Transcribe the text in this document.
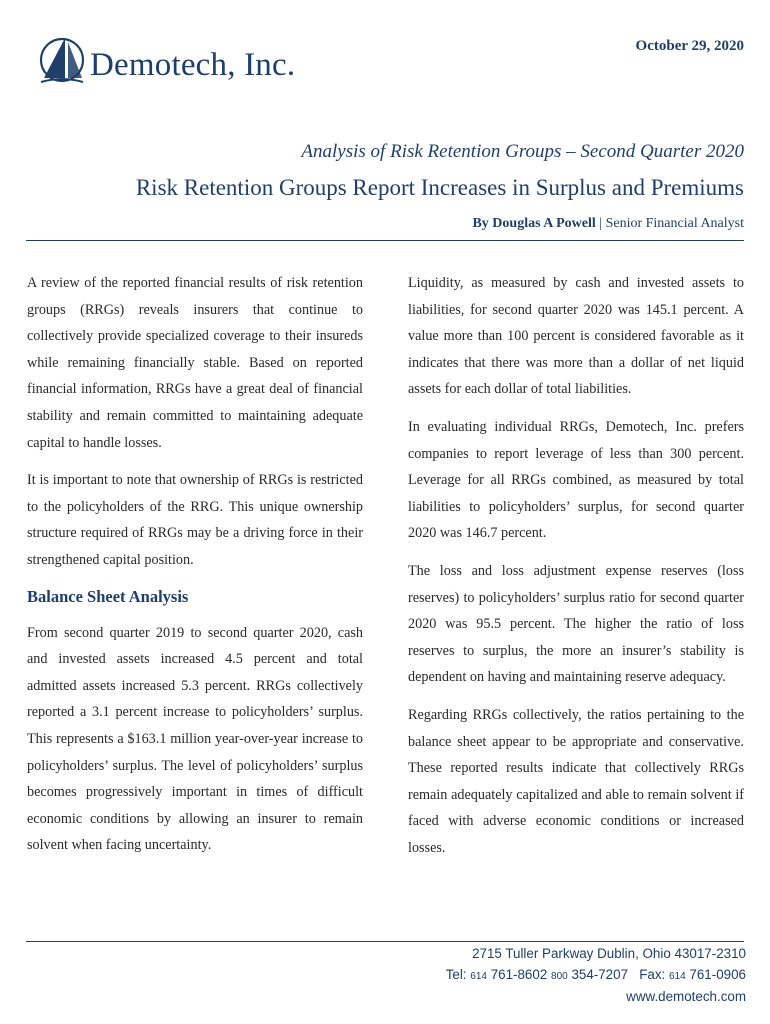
Demotech, Inc.
October 29, 2020
Analysis of Risk Retention Groups – Second Quarter 2020
Risk Retention Groups Report Increases in Surplus and Premiums
By Douglas A Powell | Senior Financial Analyst

A review of the reported financial results of risk retention groups (RRGs) reveals insurers that continue to collectively provide specialized coverage to their insureds while remaining financially stable. Based on reported financial information, RRGs have a great deal of financial stability and remain committed to maintaining adequate capital to handle losses.

It is important to note that ownership of RRGs is restricted to the policyholders of the RRG. This unique ownership structure required of RRGs may be a driving force in their strengthened capital position.

Balance Sheet Analysis

From second quarter 2019 to second quarter 2020, cash and invested assets increased 4.5 percent and total admitted assets increased 5.3 percent. RRGs collectively reported a 3.1 percent increase to policyholders’ surplus. This represents a $163.1 million year-over-year increase to policyholders’ surplus. The level of policyholders’ surplus becomes progressively important in times of difficult economic conditions by allowing an insurer to remain solvent when facing uncertainty.

Liquidity, as measured by cash and invested assets to liabilities, for second quarter 2020 was 145.1 percent. A value more than 100 percent is considered favorable as it indicates that there was more than a dollar of net liquid assets for each dollar of total liabilities.

In evaluating individual RRGs, Demotech, Inc. prefers companies to report leverage of less than 300 percent. Leverage for all RRGs combined, as measured by total liabilities to policyholders’ surplus, for second quarter 2020 was 146.7 percent.

The loss and loss adjustment expense reserves (loss reserves) to policyholders’ surplus ratio for second quarter 2020 was 95.5 percent. The higher the ratio of loss reserves to surplus, the more an insurer’s stability is dependent on having and maintaining reserve adequacy.

Regarding RRGs collectively, the ratios pertaining to the balance sheet appear to be appropriate and conservative. These reported results indicate that collectively RRGs remain adequately capitalized and able to remain solvent if faced with adverse economic conditions or increased losses.

2715 Tuller Parkway Dublin, Ohio 43017-2310
Tel: 614 761-8602 800 354-7207 Fax: 614 761-0906
www.demotech.com
